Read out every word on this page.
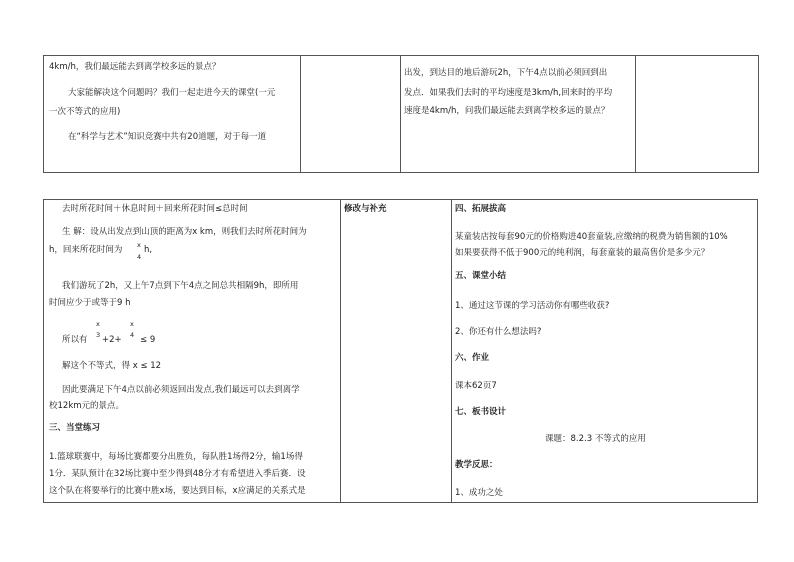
4km/h，我们最远能去到离学校多远的景点？
大家能解决这个问题吗？我们一起走进今天的课堂(一元
一次不等式的应用)
在“科学与艺术”知识竞赛中共有20道题，对于每一道

出发，到达目的地后游玩2h，下午4点以前必须回到出
发点．如果我们去时的平均速度是3km/h,回来时的平均
速度是4km/h，问我们最远能去到离学校多远的景点？

去时所花时间＋休息时间＋回来所花时间≤总时间
生 解：设从出发点到山顶的距离为x km，则我们去时所花时间为
h，回来所花时间为 x
4
h,
我们游玩了2h，又上午7点到下午4点之间总共相隔9h，即所用
时间应少于或等于9 h
所以有
x
3 +2+
x
4 ≤ 9
解这个不等式，得 x ≤ 12
因此要满足下午4点以前必须返回出发点,我们最远可以去到离学
校12km元的景点。
三、当堂练习
1.篮球联赛中，每场比赛都要分出胜负，每队胜1场得2分，输1场得
1分．某队预计在32场比赛中至少得到48分才有希望进入季后赛．设
这个队在将要举行的比赛中胜x场，要达到目标，x应满足的关系式是

修改与补充	四、拓展拔高
某童装店按每套90元的价格购进40套童装,应缴纳的税费为销售额的10%
如果要获得不低于900元的纯利润，每套童装的最高售价是多少元？
五、课堂小结
1、通过这节课的学习活动你有哪些收获?
2、你还有什么想法吗?
六、作业
课本62页7
七、板书设计
课题：8.2.3 不等式的应用
教学反思：
1、成功之处
